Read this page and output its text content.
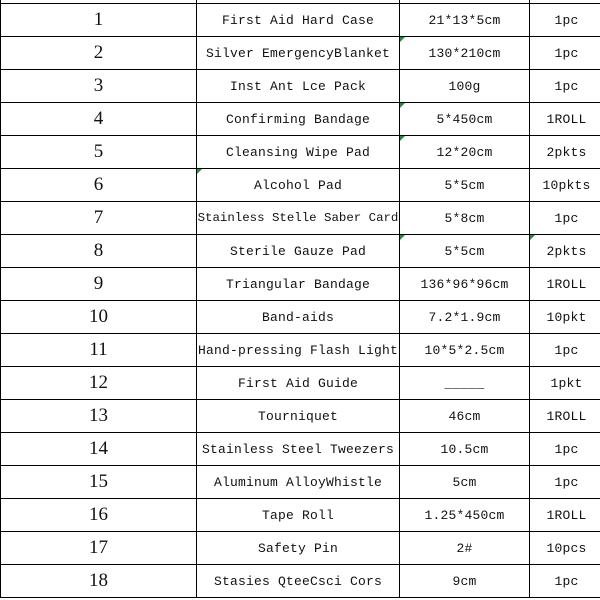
1	First Aid Hard Case	21*13*5cm	1pc
2	Silver EmergencyBlanket	130*210cm	1pc
3	Inst Ant Lce Pack	100g	1pc
4	Confirming Bandage	5*450cm	1ROLL
5	Cleansing Wipe Pad	12*20cm	2pkts
6	Alcohol Pad	5*5cm	10pkts
7	Stainless Stelle Saber Card	5*8cm	1pc
8	Sterile Gauze Pad	5*5cm	2pkts
9	Triangular Bandage	136*96*96cm	1ROLL
10	Band-aids	7.2*1.9cm	10pkt
11	Hand-pressing Flash Light	10*5*2.5cm	1pc
12	First Aid Guide	_____	1pkt
13	Tourniquet	46cm	1ROLL
14	Stainless Steel Tweezers	10.5cm	1pc
15	Aluminum AlloyWhistle	5cm	1pc
16	Tape Roll	1.25*450cm	1ROLL
17	Safety Pin	2#	10pcs
18	Stasies QteeCsci Cors	9cm	1pc
